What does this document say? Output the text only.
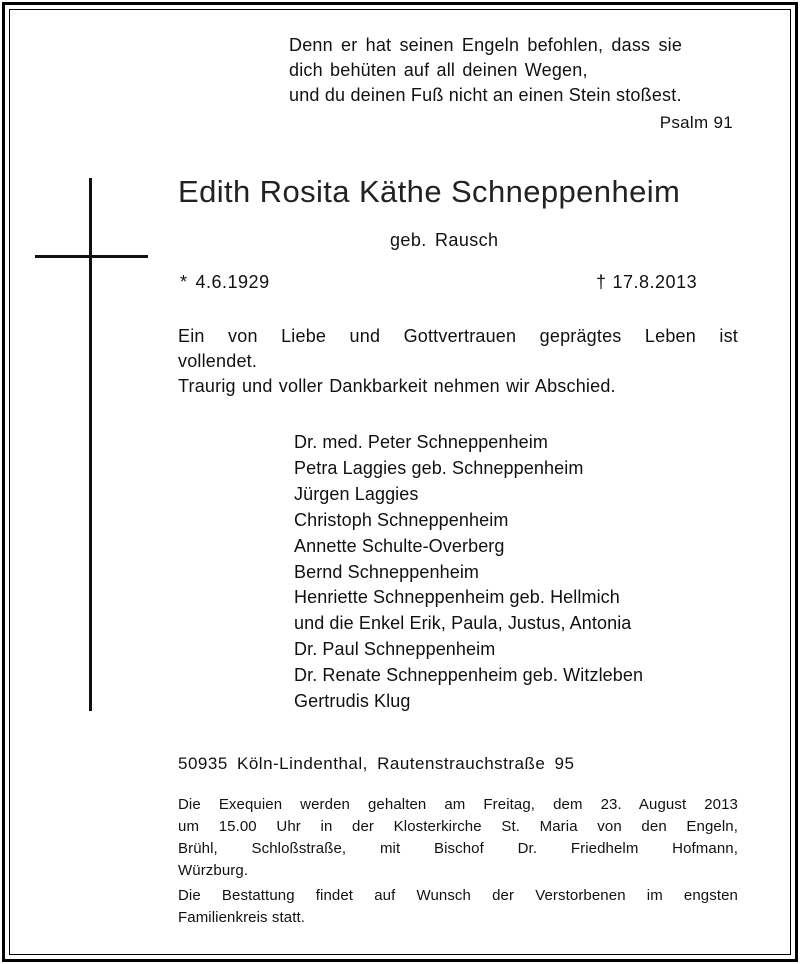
Denn er hat seinen Engeln befohlen, dass sie
dich behüten auf all deinen Wegen,
und du deinen Fuß nicht an einen Stein stoßest.
Psalm 91
Edith Rosita Käthe Schneppenheim
geb. Rausch
* 4.6.1929	† 17.8.2013
Ein von Liebe und Gottvertrauen geprägtes Leben ist
vollendet.
Traurig und voller Dankbarkeit nehmen wir Abschied.
Dr. med. Peter Schneppenheim
Petra Laggies geb. Schneppenheim
Jürgen Laggies
Christoph Schneppenheim
Annette Schulte-Overberg
Bernd Schneppenheim
Henriette Schneppenheim geb. Hellmich
und die Enkel Erik, Paula, Justus, Antonia
Dr. Paul Schneppenheim
Dr. Renate Schneppenheim geb. Witzleben
Gertrudis Klug
50935 Köln-Lindenthal, Rautenstrauchstraße 95
Die Exequien werden gehalten am Freitag, dem 23. August 2013
um 15.00 Uhr in der Klosterkirche St. Maria von den Engeln,
Brühl, Schloßstraße, mit Bischof Dr. Friedhelm Hofmann,
Würzburg.
Die Bestattung findet auf Wunsch der Verstorbenen im engsten
Familienkreis statt.
